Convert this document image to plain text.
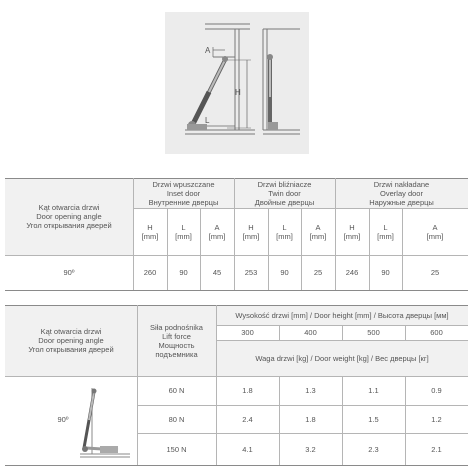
A
H
L
Kąt otwarcia drzwi
Door opening angle
Угол открывания дверей
Drzwi wpuszczane
Inset door
Внутренние дверцы
Drzwi bliźniacze
Twin door
Двойные дверцы
Drzwi nakładane
Overlay door
Наружные дверцы
H
[mm]
L
[mm]
A
[mm]
H
[mm]
L
[mm]
A
[mm]
H
[mm]
L
[mm]
A
[mm]
90º	260	90	45	253	90	25	246	90	25
Kąt otwarcia drzwi
Door opening angle
Угол открывания дверей
Siła podnośnika
Lift force
Мощность
подъемника
Wysokość drzwi [mm] / Door height [mm] / Высота дверцы [мм]
300	400	500	600
Waga drzwi [kg] / Door weight [kg] / Вес дверцы [кг]
90º
60 N	1.8	1.3	1.1	0.9
80 N	2.4	1.8	1.5	1.2
150 N	4.1	3.2	2.3	2.1
